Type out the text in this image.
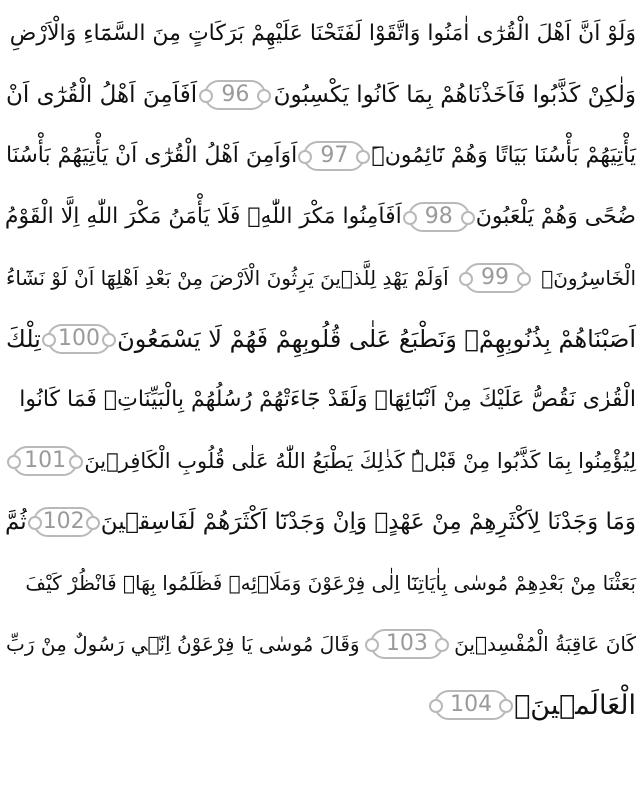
وَلَوْ اَنَّ اَهْلَ الْقُرٰٓى اٰمَنُوا وَاتَّقَوْا لَفَتَحْنَا عَلَيْهِمْ بَرَكَاتٍ مِنَ السَّمَٓاءِ وَالْاَرْضِ
وَلٰكِنْ كَذَّبُوا فَاَخَذْنَاهُمْ بِمَا كَانُوا يَكْسِبُونَ
96
اَفَاَمِنَ اَهْلُ الْقُرٰٓى اَنْ
يَأْتِيَهُمْ بَأْسُنَا بَيَاتًا وَهُمْ نَٓائِمُونَۜ
97
اَوَاَمِنَ اَهْلُ الْقُرٰٓى اَنْ يَأْتِيَهُمْ بَأْسُنَا
ضُحًى وَهُمْ يَلْعَبُونَ
98
اَفَاَمِنُوا مَكْرَ اللّٰهِۚ فَلَا يَأْمَنُ مَكْرَ اللّٰهِ اِلَّا الْقَوْمُ
الْخَاسِرُونَۚ
99
اَوَلَمْ يَهْدِ لِلَّذ۪ينَ يَرِثُونَ الْاَرْضَ مِنْ بَعْدِ اَهْلِهَٓا اَنْ لَوْ نَشَٓاءُ
اَصَبْنَاهُمْ بِذُنُوبِهِمْۚ وَنَطْبَعُ عَلٰى قُلُوبِهِمْ فَهُمْ لَا يَسْمَعُونَ
100
تِلْكَ
الْقُرٰى نَقُصُّ عَلَيْكَ مِنْ اَنْبَٓائِهَاۚ وَلَقَدْ جَٓاءَتْهُمْ رُسُلُهُمْ بِالْبَيِّنَاتِۚ فَمَا كَانُوا
لِيُؤْمِنُوا بِمَا كَذَّبُوا مِنْ قَبْلُۜ كَذٰلِكَ يَطْبَعُ اللّٰهُ عَلٰى قُلُوبِ الْكَافِر۪ينَ
101
وَمَا وَجَدْنَا لِاَكْثَرِهِمْ مِنْ عَهْدٍۚ وَاِنْ وَجَدْنَٓا اَكْثَرَهُمْ لَفَاسِق۪ينَ
102
ثُمَّ
بَعَثْنَا مِنْ بَعْدِهِمْ مُوسٰى بِاٰيَاتِنَٓا اِلٰى فِرْعَوْنَ وَمَلَا۬ئِه۪ فَظَلَمُوا بِهَاۚ فَانْظُرْ كَيْفَ
كَانَ عَاقِبَةُ الْمُفْسِد۪ينَ
103
وَقَالَ مُوسٰى يَا فِرْعَوْنُ اِنّ۪ي رَسُولٌ مِنْ رَبِّ
الْعَالَم۪ينَۙ
104
